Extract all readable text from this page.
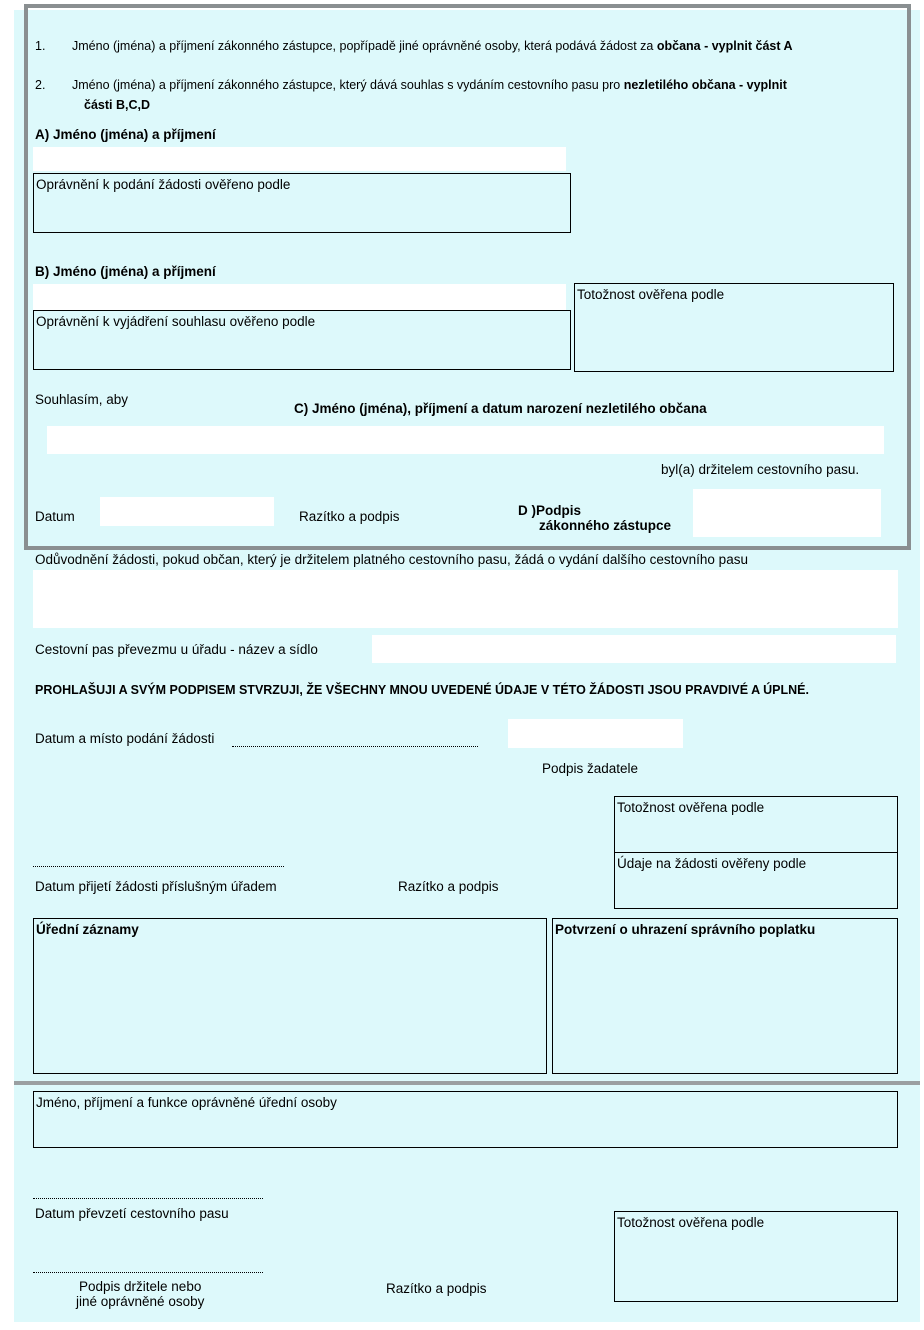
1. Jméno (jména) a příjmení zákonného zástupce, popřípadě jiné oprávněné osoby, která podává žádost za občana - vyplnit část A
2. Jméno (jména) a příjmení zákonného zástupce, který dává souhlas s vydáním cestovního pasu pro nezletilého občana - vyplnit
části B,C,D
A) Jméno (jména) a příjmení
Oprávnění k podání žádosti ověřeno podle
B) Jméno (jména) a příjmení
Oprávnění k vyjádření souhlasu ověřeno podle
Totožnost ověřena podle
Souhlasím, aby
C) Jméno (jména), příjmení a datum narození nezletilého občana
byl(a) držitelem cestovního pasu.
Datum	Razítko a podpis	D )Podpis
zákonného zástupce
Odůvodnění žádosti, pokud občan, který je držitelem platného cestovního pasu, žádá o vydání dalšího cestovního pasu
Cestovní pas převezmu u úřadu - název a sídlo
PROHLAŠUJI A SVÝM PODPISEM STVRZUJI, ŽE VŠECHNY MNOU UVEDENÉ ÚDAJE V TÉTO ŽÁDOSTI JSOU PRAVDIVÉ A ÚPLNÉ.
Datum a místo podání žádosti
Podpis žadatele
Totožnost ověřena podle
Údaje na žádosti ověřeny podle
Datum přijetí žádosti příslušným úřadem	Razítko a podpis
Úřední záznamy	Potvrzení o uhrazení správního poplatku
Jméno, příjmení a funkce oprávněné úřední osoby
Datum převzetí cestovního pasu
Totožnost ověřena podle
Podpis držitele nebo
jiné oprávněné osoby
Razítko a podpis
